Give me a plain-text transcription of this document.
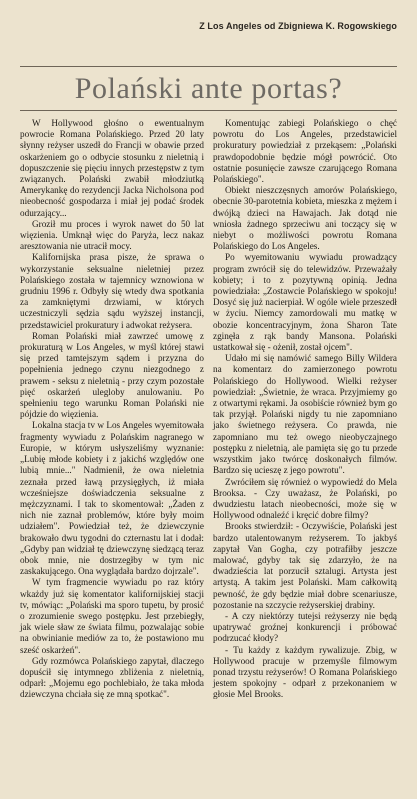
Z Los Angeles od Zbigniewa K. Rogowskiego
Polański ante portas?

W Hollywood głośno o ewentualnym powrocie Romana Polańskiego. Przed 20 laty słynny reżyser uszedł do Francji w obawie przed oskarżeniem go o odbycie stosunku z nieletnią i dopuszczenie się pięciu innych przestępstw z tym związanych. Polański zwabił młodziutką Amerykankę do rezydencji Jacka Nicholsona pod nieobecność gospodarza i miał jej podać środek odurzający...

Groził mu proces i wyrok nawet do 50 lat więzienia. Umknął więc do Paryża, lecz nakaz aresztowania nie utracił mocy.

Kalifornijska prasa pisze, że sprawa o wykorzystanie seksualne nieletniej przez Polańskiego została w tajemnicy wznowiona w grudniu 1996 r. Odbyły się wtedy dwa spotkania za zamkniętymi drzwiami, w których uczestniczyli sędzia sądu wyższej instancji, przedstawiciel prokuratury i adwokat reżysera.

Roman Polański miał zawrzeć umowę z prokuraturą w Los Angeles, w myśl której stawi się przed tamtejszym sądem i przyzna do popełnienia jednego czynu niezgodnego z prawem - seksu z nieletnią - przy czym pozostałe pięć oskarżeń ulegloby anulowaniu. Po spełnieniu tego warunku Roman Polański nie pójdzie do więzienia.

Lokalna stacja tv w Los Angeles wyemitowała fragmenty wywiadu z Polańskim nagranego w Europie, w którym usłyszeliśmy wyznanie: „Lubię młode kobiety i z jakichś względów one lubią mnie..." Nadmienił, że owa nieletnia zeznała przed ławą przysięgłych, iż miała wcześniejsze doświadczenia seksualne z mężczyznami. I tak to skomentował: „Żaden z nich nie zaznał problemów, które były moim udziałem". Powiedział też, że dziewczynie brakowało dwu tygodni do czternastu lat i dodał: „Gdyby pan widział tę dziewczynę siedzącą teraz obok mnie, nie dostrzegłby w tym nic zaskakującego. Ona wyglądała bardzo dojrzale".

W tym fragmencie wywiadu po raz który wkażdy już się komentator kalifornijskiej stacji tv, mówiąc: „Polański ma sporo tupetu, by prosić o zrozumienie swego postępku. Jest przebiegły, jak wiele sław ze świata filmu, pozwalając sobie na obwinianie mediów za to, że postawiono mu sześć oskarżeń".

Gdy rozmówca Polańskiego zapytał, dlaczego dopuścił się intymnego zbliżenia z nieletnią, odparł: „Mojemu ego pochlebiało, że taka młoda dziewczyna chciała się ze mną spotkać".

Komentując zabiegi Polańskiego o chęć powrotu do Los Angeles, przedstawiciel prokuratury powiedział z przekąsem: „Polański prawdopodobnie będzie mógł powrócić. Oto ostatnie posunięcie zawsze czarującego Romana Polańskiego".

Obiekt nieszczęsnych amorów Polańskiego, obecnie 30-parotetnia kobieta, mieszka z mężem i dwójką dzieci na Hawajach. Jak dotąd nie wniosła żadnego sprzeciwu ani toczący się w niebyt o możliwości powrotu Romana Polańskiego do Los Angeles.

Po wyemitowaniu wywiadu prowadzący program zwrócił się do telewidzów. Przeważały kobiety; i to z pozytywną opinią. Jedna powiedziała: „Zostawcie Polańskiego w spokoju! Dosyć się już nacierpiał. W ogóle wiele przeszedł w życiu. Niemcy zamordowali mu matkę w obozie koncentracyjnym, żona Sharon Tate zginęła z rąk bandy Mansona. Polański ustatkował się - ożenił, został ojcem".

Udało mi się namówić samego Billy Wildera na komentarz do zamierzonego powrotu Polańskiego do Hollywood. Wielki reżyser powiedział: „Świetnie, że wraca. Przyjmiemy go z otwartymi rękami. Ja osobiście również bym go tak przyjął. Polański nigdy tu nie zapomniano jako świetnego reżysera. Co prawda, nie zapomniano mu też owego nieobyczajnego postępku z nieletnią, ale pamięta się go tu przede wszystkim jako twórcę doskonałych filmów. Bardzo się ucieszę z jego powrotu".

Zwróciłem się również o wypowiedź do Mela Brooksa. - Czy uważasz, że Polański, po dwudziestu latach nieobecności, może się w Hollywood odnaleźć i kręcić dobre filmy?

Brooks stwierdził: - Oczywiście, Polański jest bardzo utalentowanym reżyserem. To jakbyś zapytał Van Gogha, czy potrafiłby jeszcze malować, gdyby tak się zdarzyło, że na dwadzieścia lat porzucił sztalugi. Artysta jest artystą. A takim jest Polański. Mam całkowitą pewność, że gdy będzie miał dobre scenariusze, pozostanie na szczycie reżyserskiej drabiny.

- A czy niektórzy tutejsi reżyserzy nie będą upatrywać groźnej konkurencji i próbować podrzucać kłody?

- Tu każdy z każdym rywalizuje. Zbig, w Hollywood pracuje w przemyśle filmowym ponad trzystu reżyserów! O Romana Polańskiego jestem spokojny - odparł z przekonaniem w głosie Mel Brooks.
